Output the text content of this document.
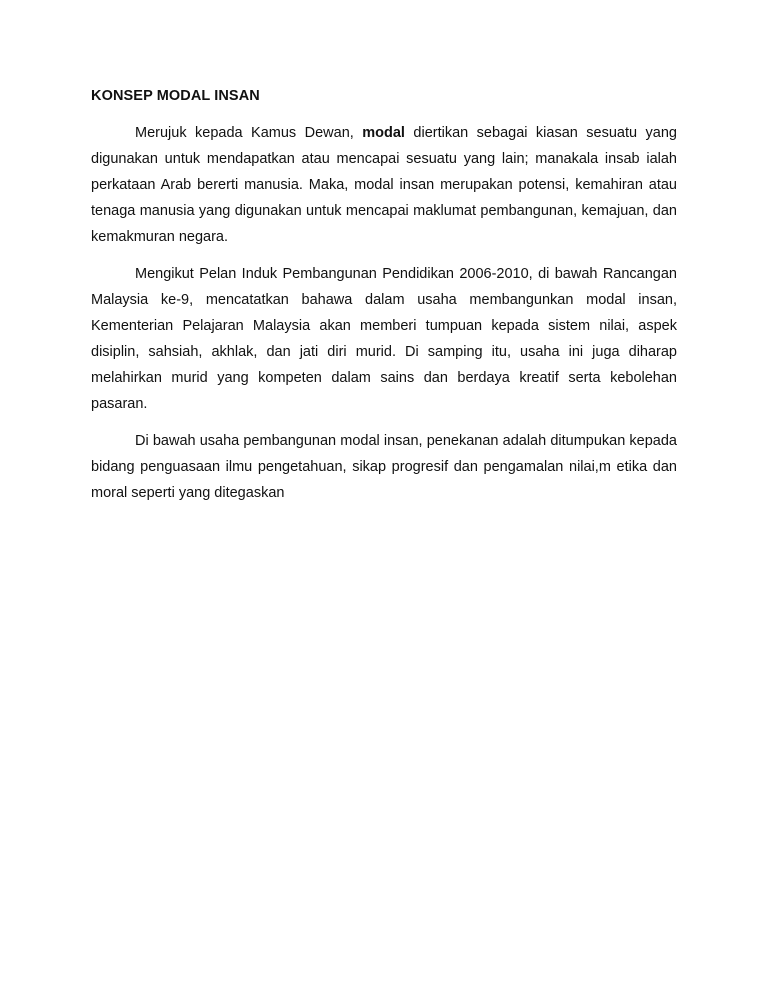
KONSEP MODAL INSAN

Merujuk kepada Kamus Dewan, modal diertikan sebagai kiasan sesuatu yang digunakan untuk mendapatkan atau mencapai sesuatu yang lain; manakala insab ialah perkataan Arab bererti manusia. Maka, modal insan merupakan potensi, kemahiran atau tenaga manusia yang digunakan untuk mencapai maklumat pembangunan, kemajuan, dan kemakmuran negara.

Mengikut Pelan Induk Pembangunan Pendidikan 2006-2010, di bawah Rancangan Malaysia ke-9, mencatatkan bahawa dalam usaha membangunkan modal insan, Kementerian Pelajaran Malaysia akan memberi tumpuan kepada sistem nilai, aspek disiplin, sahsiah, akhlak, dan jati diri murid. Di samping itu, usaha ini juga diharap melahirkan murid yang kompeten dalam sains dan berdaya kreatif serta kebolehan pasaran.

Di bawah usaha pembangunan modal insan, penekanan adalah ditumpukan kepada bidang penguasaan ilmu pengetahuan, sikap progresif dan pengamalan nilai,m etika dan moral seperti yang ditegaskan
